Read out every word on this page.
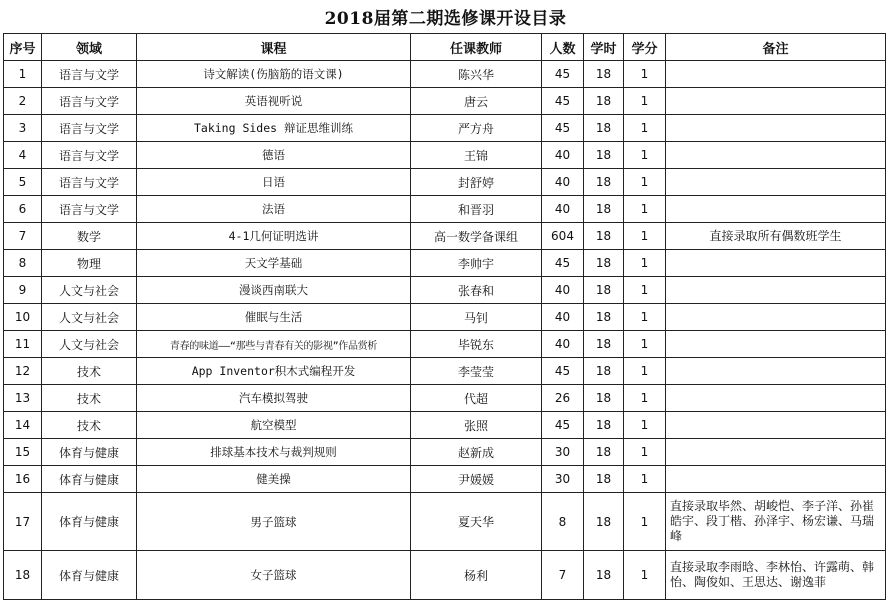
2018届第二期选修课开设目录
序号	领域	课程	任课教师	人数	学时	学分	备注
1	语言与文学	诗文解读(伤脑筋的语文课)	陈兴华	45	18	1	
2	语言与文学	英语视听说	唐云	45	18	1	
3	语言与文学	Taking Sides 辩证思维训练	严方舟	45	18	1	
4	语言与文学	德语	王锦	40	18	1	
5	语言与文学	日语	封舒婷	40	18	1	
6	语言与文学	法语	和晋羽	40	18	1	
7	数学	4-1几何证明选讲	高一数学备课组	604	18	1	直接录取所有偶数班学生
8	物理	天文学基础	李帅宇	45	18	1	
9	人文与社会	漫谈西南联大	张春和	40	18	1	
10	人文与社会	催眠与生活	马钊	40	18	1	
11	人文与社会	青春的味道——“那些与青春有关的影视”作品赏析	毕锐东	40	18	1	
12	技术	App Inventor积木式编程开发	李莹莹	45	18	1	
13	技术	汽车模拟驾驶	代超	26	18	1	
14	技术	航空模型	张照	45	18	1	
15	体育与健康	排球基本技术与裁判规则	赵新成	30	18	1	
16	体育与健康	健美操	尹媛媛	30	18	1	
17	体育与健康	男子篮球	夏天华	8	18	1	直接录取毕然、胡峻恺、李子洋、孙崔皓宇、段丁楷、孙泽宇、杨宏谦、马瑞峰
18	体育与健康	女子篮球	杨利	7	18	1	直接录取李雨晗、李林怡、许露萌、韩怡、陶俊如、王思达、谢逸菲
